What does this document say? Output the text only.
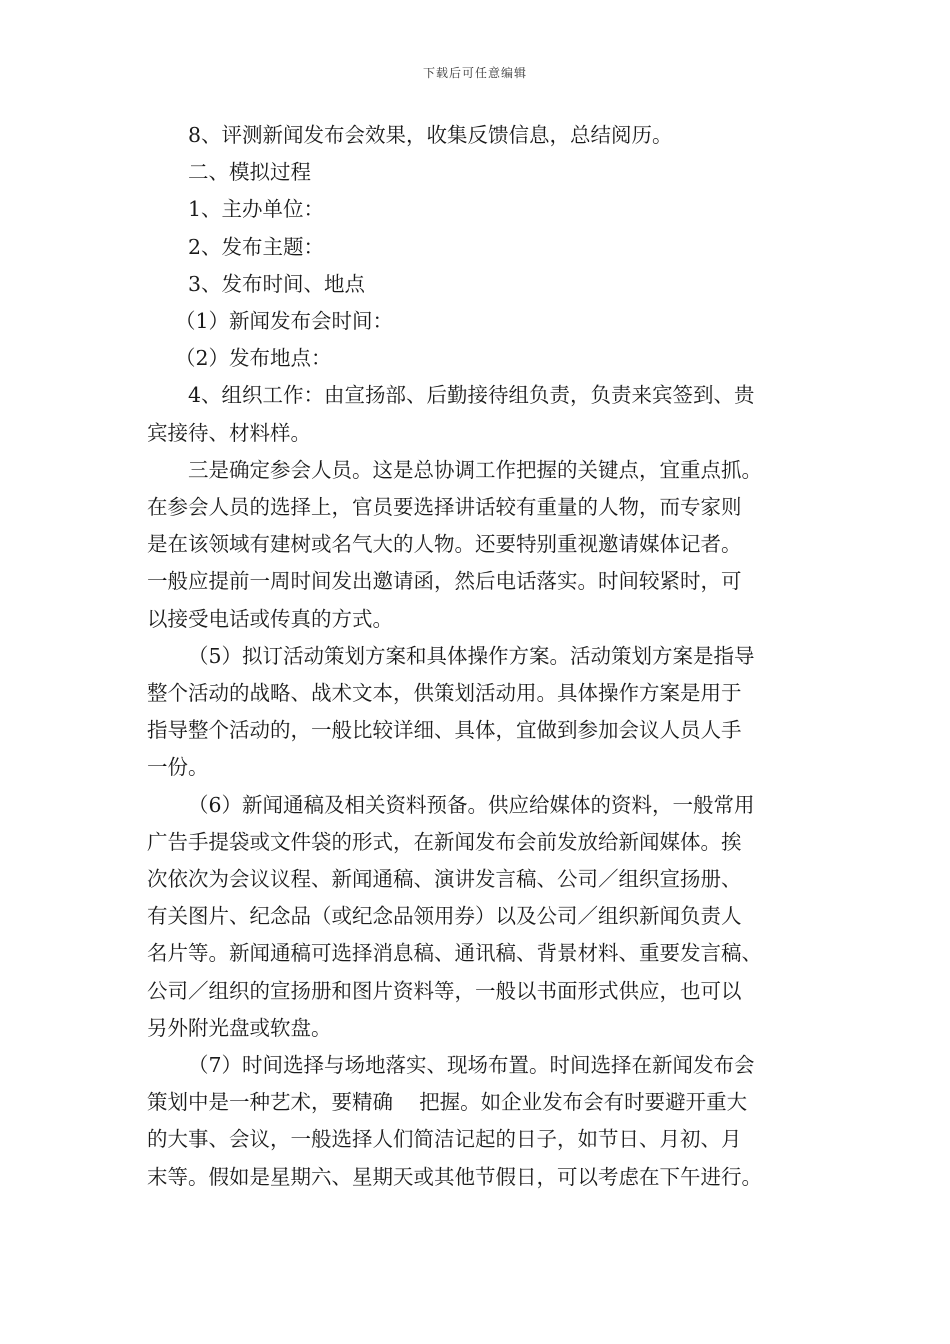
下载后可任意编辑
8、评测新闻发布会效果，收集反馈信息，总结阅历。
二、模拟过程
1、主办单位：
2、发布主题：
3、发布时间、地点
（1）新闻发布会时间：
（2）发布地点：
4、组织工作：由宣扬部、后勤接待组负责，负责来宾签到、贵
宾接待、材料样。
三是确定参会人员。这是总协调工作把握的关键点，宜重点抓。
在参会人员的选择上，官员要选择讲话较有重量的人物，而专家则
是在该领域有建树或名气大的人物。还要特别重视邀请媒体记者。
一般应提前一周时间发出邀请函，然后电话落实。时间较紧时，可
以接受电话或传真的方式。
（5）拟订活动策划方案和具体操作方案。活动策划方案是指导
整个活动的战略、战术文本，供策划活动用。具体操作方案是用于
指导整个活动的，一般比较详细、具体，宜做到参加会议人员人手
一份。
（6）新闻通稿及相关资料预备。供应给媒体的资料，一般常用
广告手提袋或文件袋的形式，在新闻发布会前发放给新闻媒体。挨
次依次为会议议程、新闻通稿、演讲发言稿、公司／组织宣扬册、
有关图片、纪念品（或纪念品领用券）以及公司／组织新闻负责人
名片等。新闻通稿可选择消息稿、通讯稿、背景材料、重要发言稿、
公司／组织的宣扬册和图片资料等，一般以书面形式供应，也可以
另外附光盘或软盘。
（7）时间选择与场地落实、现场布置。时间选择在新闻发布会
策划中是一种艺术，要精确    把握。如企业发布会有时要避开重大
的大事、会议，一般选择人们简洁记起的日子，如节日、月初、月
末等。假如是星期六、星期天或其他节假日，可以考虑在下午进行。
